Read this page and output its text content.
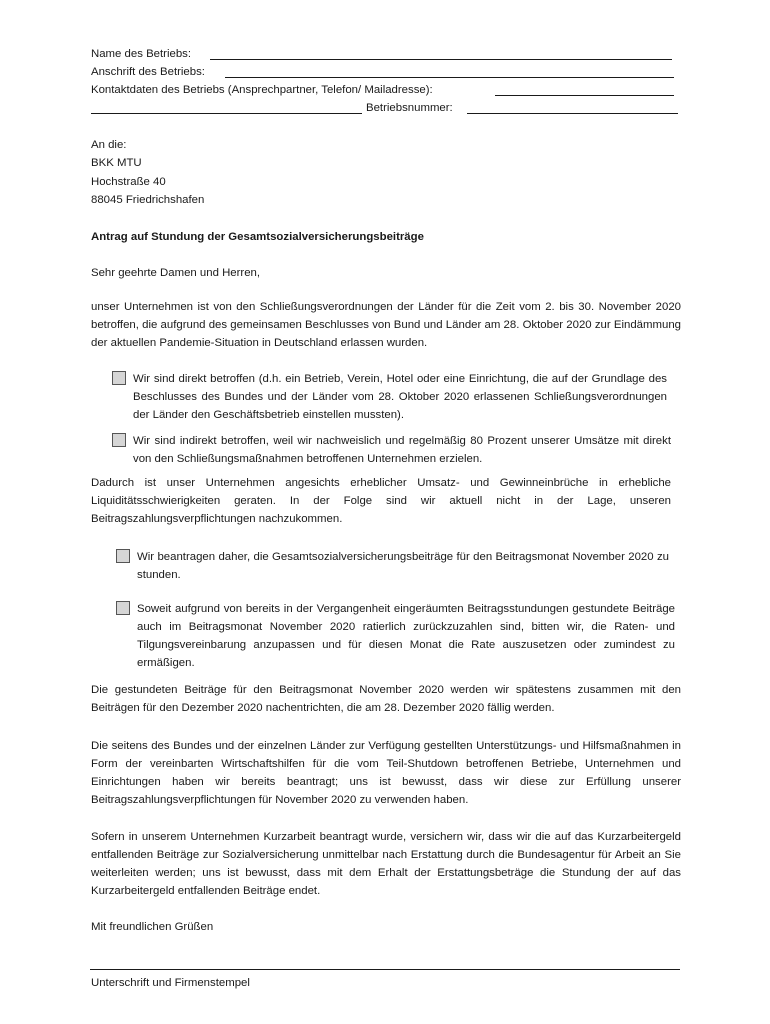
Name des Betriebs:
Anschrift des Betriebs:
Kontaktdaten des Betriebs (Ansprechpartner, Telefon/ Mailadresse):
Betriebsnummer:
An die:
BKK MTU
Hochstraße 40
88045 Friedrichshafen
Antrag auf Stundung der Gesamtsozialversicherungsbeiträge
Sehr geehrte Damen und Herren,
unser Unternehmen ist von den Schließungsverordnungen der Länder für die Zeit vom 2. bis 30. November 2020 betroffen, die aufgrund des gemeinsamen Beschlusses von Bund und Länder am 28. Oktober 2020 zur Eindämmung der aktuellen Pandemie-Situation in Deutschland erlassen wurden.
Wir sind direkt betroffen (d.h. ein Betrieb, Verein, Hotel oder eine Einrichtung, die auf der Grundlage des Beschlusses des Bundes und der Länder vom 28. Oktober 2020 erlassenen Schließungsverordnungen der Länder den Geschäftsbetrieb einstellen mussten).
Wir sind indirekt betroffen, weil wir nachweislich und regelmäßig 80 Prozent unserer Umsätze mit direkt von den Schließungsmaßnahmen betroffenen Unternehmen erzielen.
Dadurch ist unser Unternehmen angesichts erheblicher Umsatz- und Gewinneinbrüche in erhebliche Liquiditätsschwierigkeiten geraten. In der Folge sind wir aktuell nicht in der Lage, unseren Beitragszahlungsverpflichtungen nachzukommen.
Wir beantragen daher, die Gesamtsozialversicherungsbeiträge für den Beitragsmonat November 2020 zu stunden.
Soweit aufgrund von bereits in der Vergangenheit eingeräumten Beitragsstundungen gestundete Beiträge auch im Beitragsmonat November 2020 ratierlich zurückzuzahlen sind, bitten wir, die Raten- und Tilgungsvereinbarung anzupassen und für diesen Monat die Rate auszusetzen oder zumindest zu ermäßigen.
Die gestundeten Beiträge für den Beitragsmonat November 2020 werden wir spätestens zusammen mit den Beiträgen für den Dezember 2020 nachentrichten, die am 28. Dezember 2020 fällig werden.
Die seitens des Bundes und der einzelnen Länder zur Verfügung gestellten Unterstützungs- und Hilfsmaßnahmen in Form der vereinbarten Wirtschaftshilfen für die vom Teil-Shutdown betroffenen Betriebe, Unternehmen und Einrichtungen haben wir bereits beantragt; uns ist bewusst, dass wir diese zur Erfüllung unserer Beitragszahlungsverpflichtungen für November 2020 zu verwenden haben.
Sofern in unserem Unternehmen Kurzarbeit beantragt wurde, versichern wir, dass wir die auf das Kurzarbeitergeld entfallenden Beiträge zur Sozialversicherung unmittelbar nach Erstattung durch die Bundesagentur für Arbeit an Sie weiterleiten werden; uns ist bewusst, dass mit dem Erhalt der Erstattungsbeträge die Stundung der auf das Kurzarbeitergeld entfallenden Beiträge endet.
Mit freundlichen Grüßen
Unterschrift und Firmenstempel
